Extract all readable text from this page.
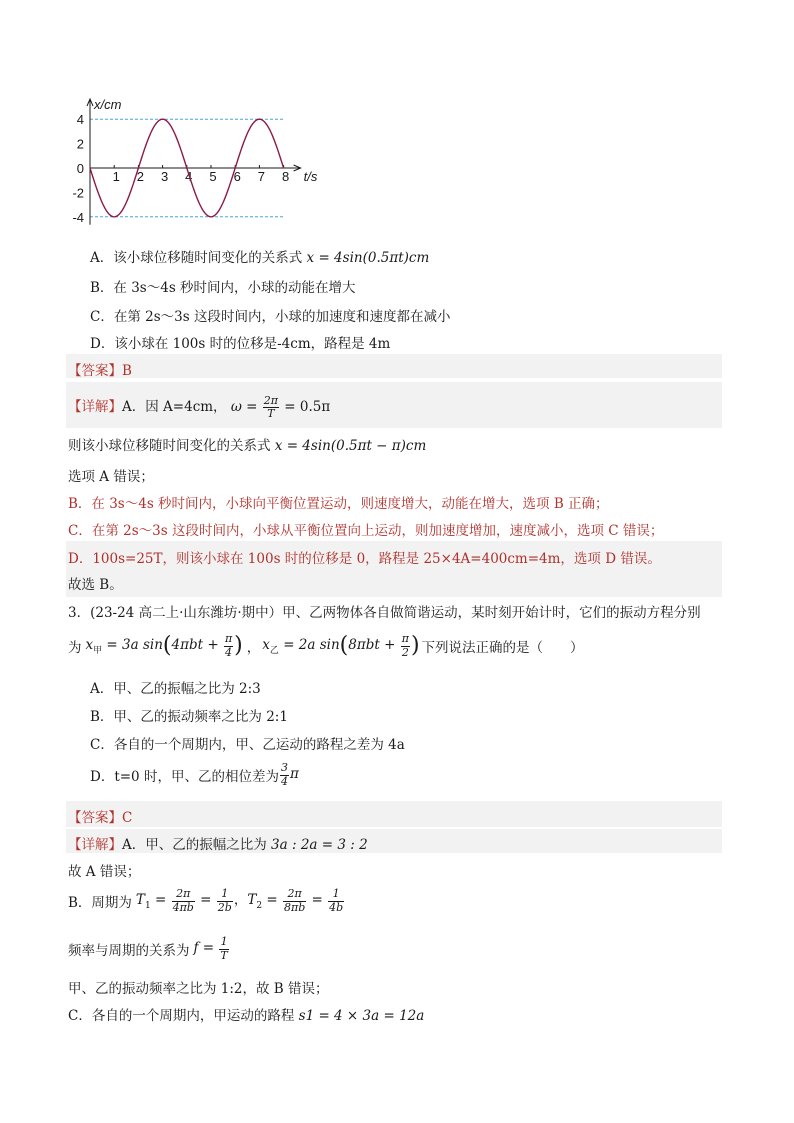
1 2 3 4 5 6 7 8
4
2
0
-2
-4
x/cm
t/s
A．该小球位移随时间变化的关系式 x = 4sin(0.5πt)cm
B．在 3s～4s 秒时间内，小球的动能在增大
C．在第 2s～3s 这段时间内，小球的加速度和速度都在减小
D．该小球在 100s 时的位移是-4cm，路程是 4m
【答案】B
【详解】A．因 A=4cm， $\omega = \frac{2\pi}{T} = 0.5\pi$
则该小球位移随时间变化的关系式 x = 4sin(0.5πt − π)cm
选项 A 错误；
B．在 3s～4s 秒时间内，小球向平衡位置运动，则速度增大，动能在增大，选项 B 正确；
C．在第 2s～3s 这段时间内，小球从平衡位置向上运动，则加速度增加，速度减小，选项 C 错误；
D．100s=25T，则该小球在 100s 时的位移是 0，路程是 25×4A=400cm=4m，选项 D 错误。
故选 B。
3．(23-24 高二上·山东潍坊·期中）甲、乙两物体各自做简谐运动，某时刻开始计时，它们的振动方程分别
为 $x_甲 = 3a$ $\sin(4\pi bt + \frac{\pi}{4}$ ) ， $x_乙 = 2a$ $\sin(8\pi bt + \frac{\pi}{2}$ ) 下列说法正确的是（　　）
A．甲、乙的振幅之比为 2:3
B．甲、乙的振动频率之比为 2:1
C．各自的一个周期内，甲、乙运动的路程之差为 4a
D．t=0 时，甲、乙的相位差为 $\frac{3}{4}$ π
【答案】C
【详解】A．甲、乙的振幅之比为 3a : 2a = 3 : 2
故 A 错误；
B．周期为 $T_1 = \frac{2\pi}{4\pi b} = \frac{1}{2b}$ ，$T_2 = \frac{2\pi}{8\pi b} = \frac{1}{4b}$
频率与周期的关系为 $f = \frac{1}{T}$
甲、乙的振动频率之比为 1:2，故 B 错误；
C．各自的一个周期内，甲运动的路程 s1 = 4 × 3a = 12a
